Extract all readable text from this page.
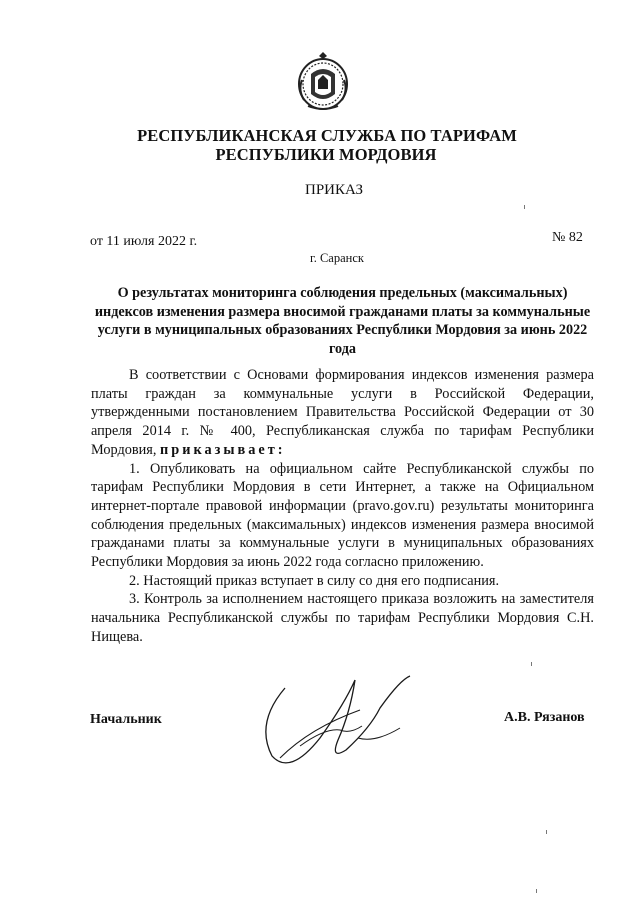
РЕСПУБЛИКАНСКАЯ СЛУЖБА ПО ТАРИФАМ
РЕСПУБЛИКИ МОРДОВИЯ
ПРИКАЗ
от 11 июля 2022 г.	№ 82
г. Саранск
О результатах мониторинга соблюдения предельных (максимальных) индексов изменения размера вносимой гражданами платы за коммунальные услуги в муниципальных образованиях Республики Мордовия за июнь 2022 года

В соответствии с Основами формирования индексов изменения размера платы граждан за коммунальные услуги в Российской Федерации, утвержденными постановлением Правительства Российской Федерации от 30 апреля 2014 г. № 400, Республиканская служба по тарифам Республики Мордовия, приказывает:

1. Опубликовать на официальном сайте Республиканской службы по тарифам Республики Мордовия в сети Интернет, а также на Официальном интернет-портале правовой информации (pravo.gov.ru) результаты мониторинга соблюдения предельных (максимальных) индексов изменения размера вносимой гражданами платы за коммунальные услуги в муниципальных образованиях Республики Мордовия за июнь 2022 года согласно приложению.

2. Настоящий приказ вступает в силу со дня его подписания.

3. Контроль за исполнением настоящего приказа возложить на заместителя начальника Республиканской службы по тарифам Республики Мордовия С.Н. Нищева.

Начальник	А.В. Рязанов
